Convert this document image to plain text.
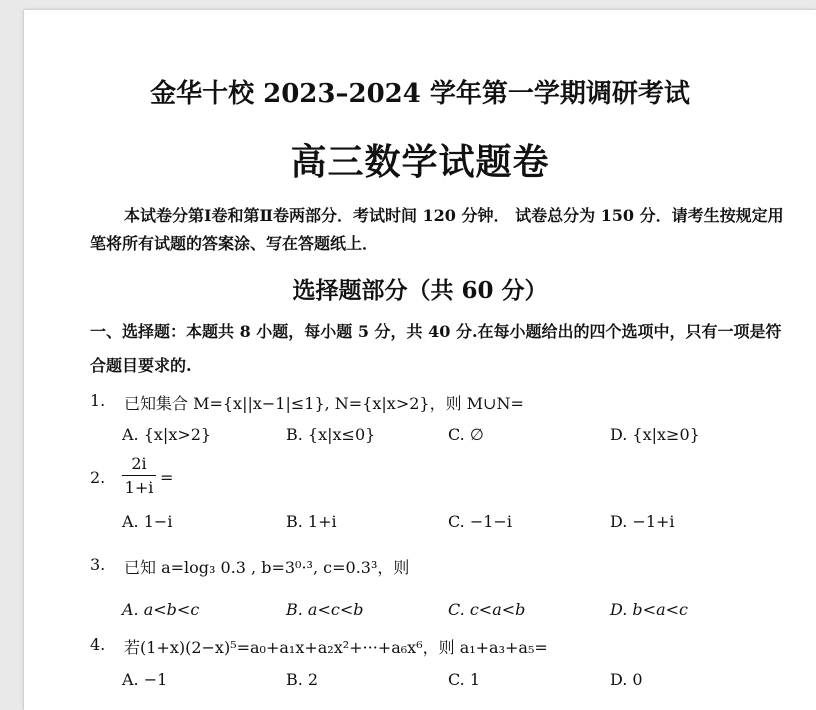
金华十校 2023–2024 学年第一学期调研考试
高三数学试题卷
本试卷分第Ⅰ卷和第Ⅱ卷两部分．考试时间 120 分钟． 试卷总分为 150 分．请考生按规定用
笔将所有试题的答案涂、写在答题纸上．
选择题部分（共 60 分）
一、选择题：本题共 8 小题，每小题 5 分，共 40 分.在每小题给出的四个选项中，只有一项是符
合题目要求的.
1. 已知集合 M={x||x−1|≤1}, N={x|x>2}，则 M∪N=
A. {x|x>2}	B. {x|x≤0}	C. ∅	D. {x|x≥0}
2.
2i
1+i
=
A. 1−i	B. 1+i	C. −1−i	D. −1+i
3. 已知 a=log₃ 0.3 , b=3⁰·³, c=0.3³，则
A. a<b<c	B. a<c<b	C. c<a<b	D. b<a<c
4. 若(1+x)(2−x)⁵=a₀+a₁x+a₂x²+···+a₆x⁶，则 a₁+a₃+a₅=
A. −1	B. 2	C. 1	D. 0
